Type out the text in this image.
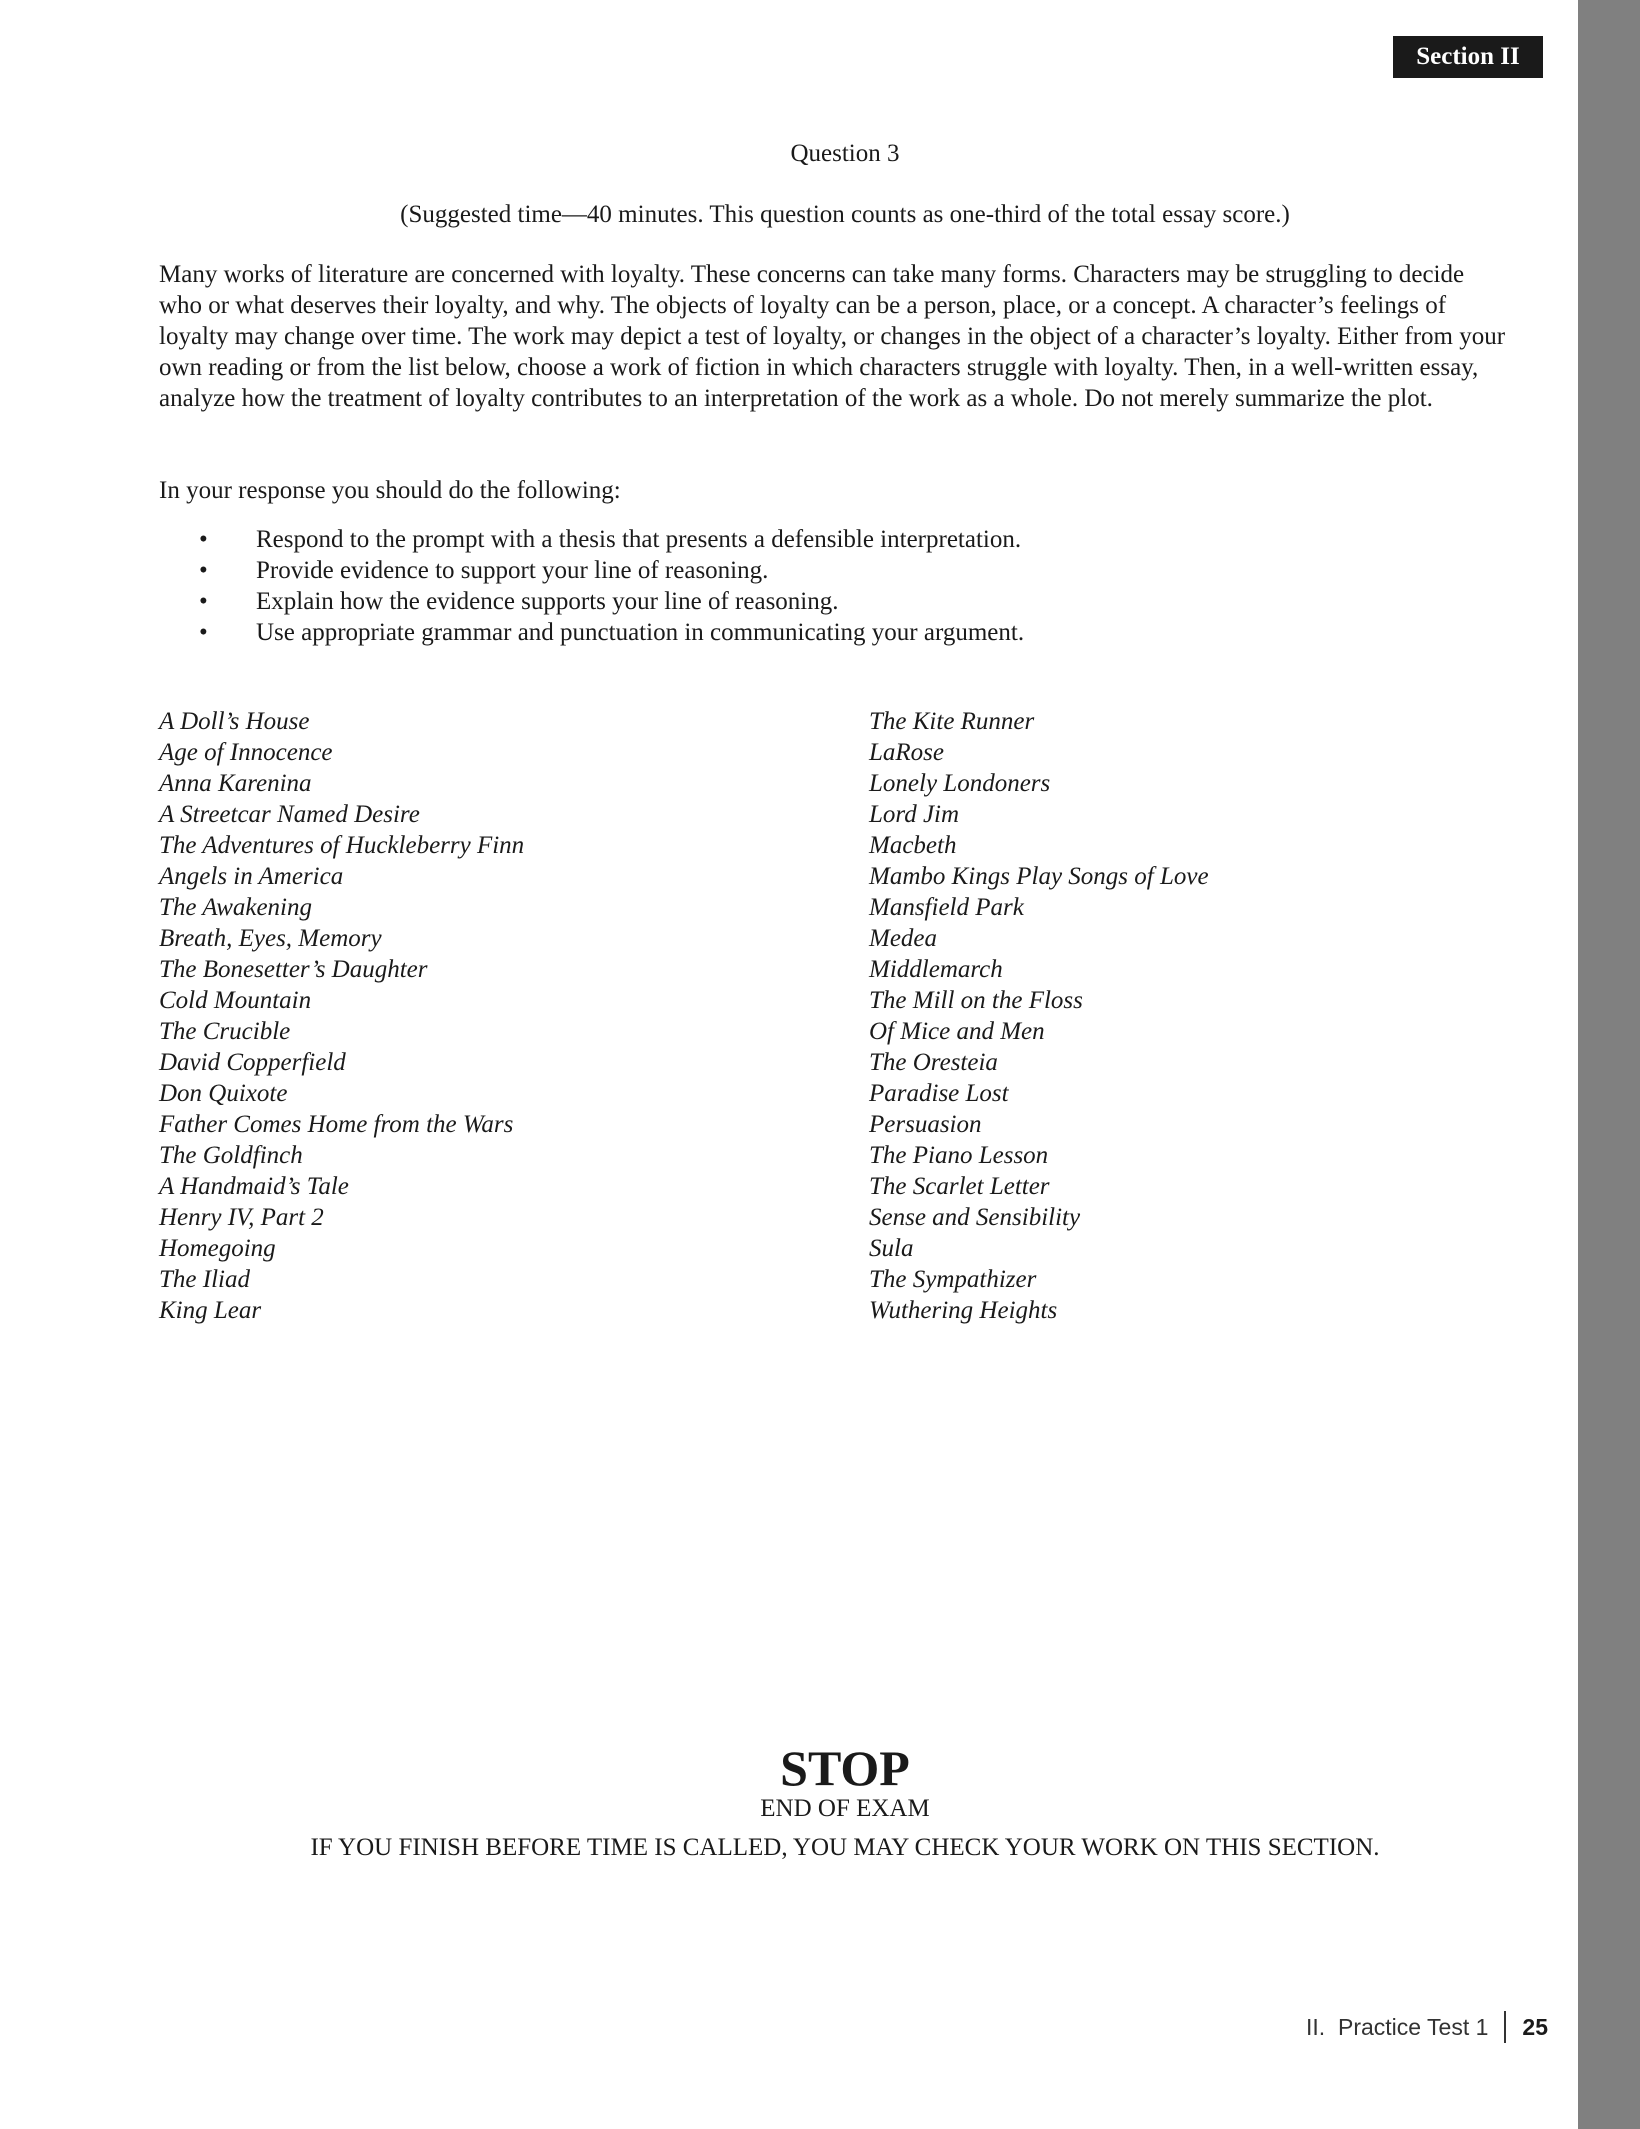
Section II
Question 3
(Suggested time—40 minutes. This question counts as one-third of the total essay score.)

Many works of literature are concerned with loyalty. These concerns can take many forms. Characters may be struggling to decide who or what deserves their loyalty, and why. The objects of loyalty can be a person, place, or a concept. A character’s feelings of loyalty may change over time. The work may depict a test of loyalty, or changes in the object of a character’s loyalty. Either from your own reading or from the list below, choose a work of fiction in which characters struggle with loyalty. Then, in a well-written essay, analyze how the treatment of loyalty contributes to an interpretation of the work as a whole. Do not merely summarize the plot.

In your response you should do the following:

• Respond to the prompt with a thesis that presents a defensible interpretation.
• Provide evidence to support your line of reasoning.
• Explain how the evidence supports your line of reasoning.
• Use appropriate grammar and punctuation in communicating your argument.
A Doll’s House
Age of Innocence
Anna Karenina
A Streetcar Named Desire
The Adventures of Huckleberry Finn
Angels in America
The Awakening
Breath, Eyes, Memory
The Bonesetter’s Daughter
Cold Mountain
The Crucible
David Copperfield
Don Quixote
Father Comes Home from the Wars
The Goldfinch
A Handmaid’s Tale
Henry IV, Part 2
Homegoing
The Iliad
King Lear
The Kite Runner
LaRose
Lonely Londoners
Lord Jim
Macbeth
Mambo Kings Play Songs of Love
Mansfield Park
Medea
Middlemarch
The Mill on the Floss
Of Mice and Men
The Oresteia
Paradise Lost
Persuasion
The Piano Lesson
The Scarlet Letter
Sense and Sensibility
Sula
The Sympathizer
Wuthering Heights
STOP
END OF EXAM
IF YOU FINISH BEFORE TIME IS CALLED, YOU MAY CHECK YOUR WORK ON THIS SECTION.
II.  Practice Test 1 25
